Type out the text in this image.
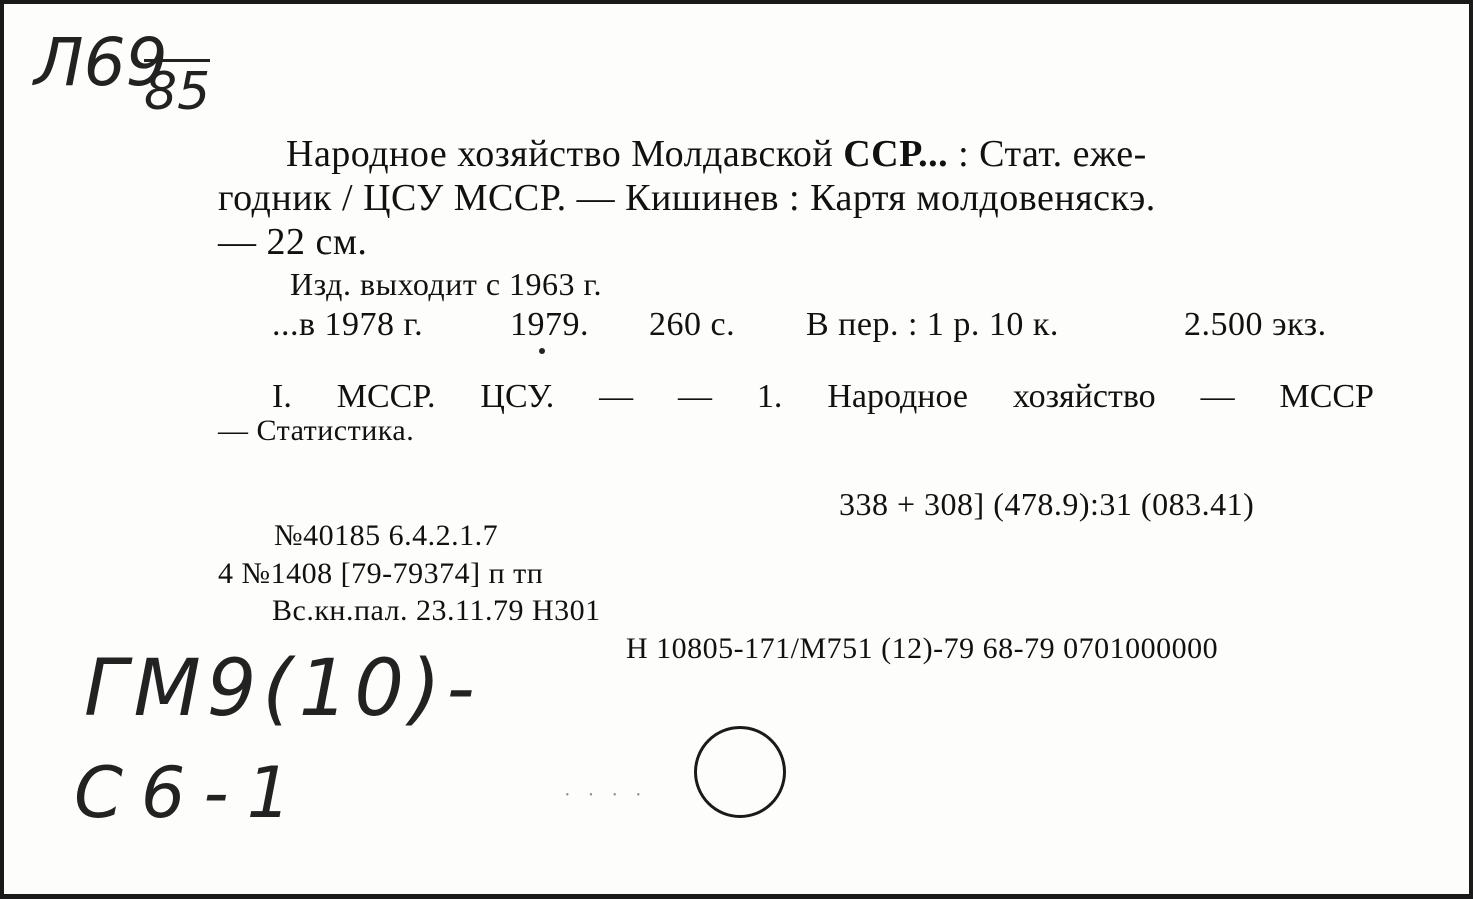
Л69
85
Народное хозяйство Молдавской ССР... : Стат. еже-
годник / ЦСУ МССР. — Кишинев : Картя молдовеняскэ.
— 22 см.
Изд. выходит с 1963 г.
...в 1978 г.	1979. 260 с. В пер. : 1 р. 10 к.	2.500 экз.
I. МССР. ЦСУ. — — 1. Народное хозяйство — МССР
— Статистика.
338 + 308] (478.9):31 (083.41)
№40185 6.4.2.1.7
4 №1408 [79-79374] п тп
Вс.кн.пал. 23.11.79 Н301
Н 10805-171/М751 (12)-79 68-79 0701000000
ГМ9(10)-
С6-1	· · · ·
